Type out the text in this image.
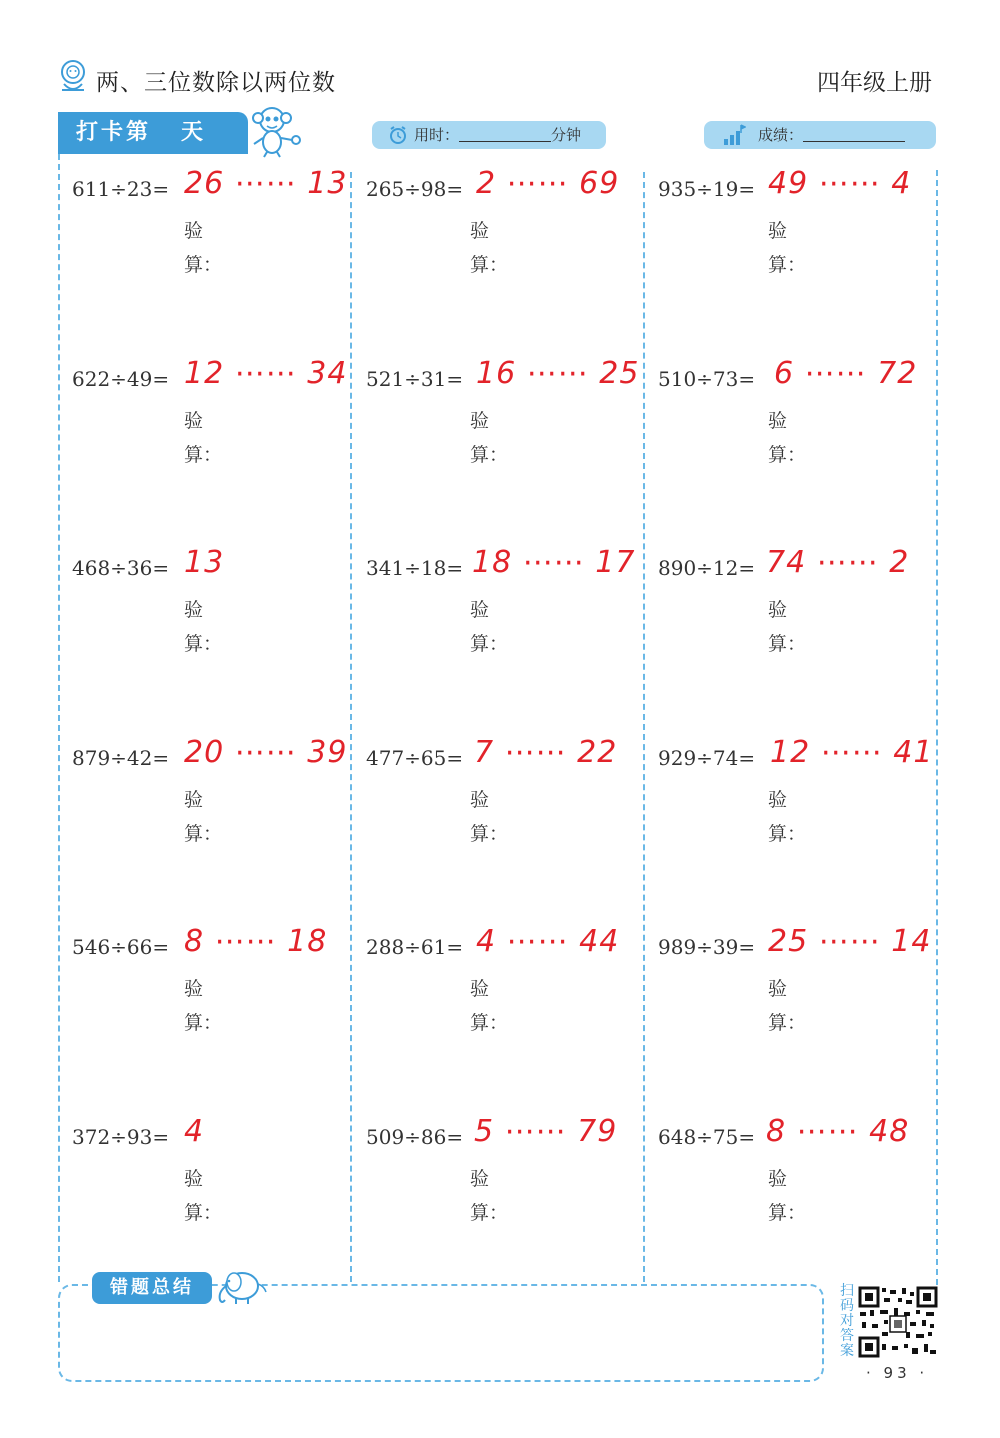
两、三位数除以两位数	四年级上册
打卡第 天	用时：	分钟	成绩：
611÷23= 26 ⋯⋯ 13
验
算：
622÷49= 12 ⋯⋯ 34
验
算：
468÷36= 13
验
算：
879÷42= 20 ⋯⋯ 39
验
算：
546÷66= 8 ⋯⋯ 18
验
算：
372÷93= 4
验
算：
265÷98= 2 ⋯⋯ 69
验
算：
521÷31= 16 ⋯⋯ 25
验
算：
341÷18= 18 ⋯⋯ 17
验
算：
477÷65= 7 ⋯⋯ 22
验
算：
288÷61= 4 ⋯⋯ 44
验
算：
509÷86= 5 ⋯⋯ 79
验
算：
935÷19= 49 ⋯⋯ 4
验
算：
510÷73= 6 ⋯⋯ 72
验
算：
890÷12= 74 ⋯⋯ 2
验
算：
929÷74= 12 ⋯⋯ 41
验
算：
989÷39= 25 ⋯⋯ 14
验
算：
648÷75= 8 ⋯⋯ 48
验
算：
错题总结	扫码对答案
· 93 ·
